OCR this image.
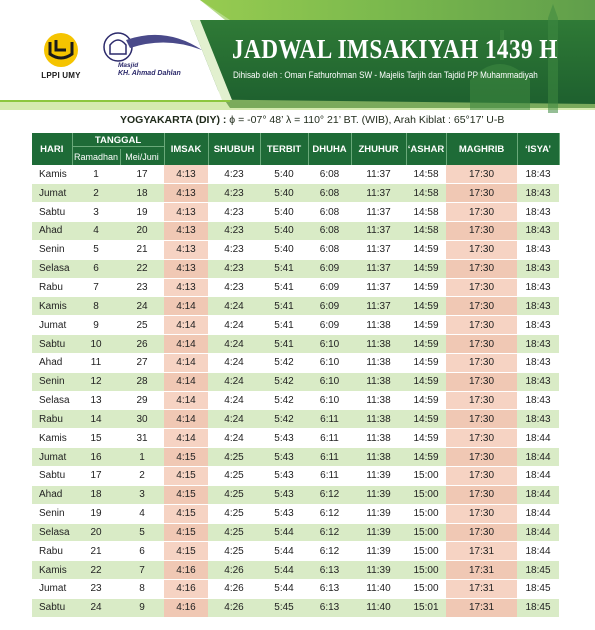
LPPI UMY
Masjid
KH. Ahmad Dahlan
JADWAL IMSAKIYAH 1439 H
Dihisab oleh : Oman Fathurohman SW - Majelis Tarjih dan Tajdid PP Muhammadiyah
YOGYAKARTA (DIY) : ϕ = -07° 48’ λ = 110° 21’ BT. (WIB), Arah Kiblat : 65°17’ U-B
HARI	TANGGAL		IMSAK	SHUBUH	TERBIT	DHUHA	ZHUHUR	‘ASHAR	MAGHRIB	‘ISYA’
	Ramadhan	Mei/Juni								
Kamis	1	17	4:13	4:23	5:40	6:08	11:37	14:58	17:30	18:43
Jumat	2	18	4:13	4:23	5:40	6:08	11:37	14:58	17:30	18:43
Sabtu	3	19	4:13	4:23	5:40	6:08	11:37	14:58	17:30	18:43
Ahad	4	20	4:13	4:23	5:40	6:08	11:37	14:58	17:30	18:43
Senin	5	21	4:13	4:23	5:40	6:08	11:37	14:59	17:30	18:43
Selasa	6	22	4:13	4:23	5:41	6:09	11:37	14:59	17:30	18:43
Rabu	7	23	4:13	4:23	5:41	6:09	11:37	14:59	17:30	18:43
Kamis	8	24	4:14	4:24	5:41	6:09	11:37	14:59	17:30	18:43
Jumat	9	25	4:14	4:24	5:41	6:09	11:38	14:59	17:30	18:43
Sabtu	10	26	4:14	4:24	5:41	6:10	11:38	14:59	17:30	18:43
Ahad	11	27	4:14	4:24	5:42	6:10	11:38	14:59	17:30	18:43
Senin	12	28	4:14	4:24	5:42	6:10	11:38	14:59	17:30	18:43
Selasa	13	29	4:14	4:24	5:42	6:10	11:38	14:59	17:30	18:43
Rabu	14	30	4:14	4:24	5:42	6:11	11:38	14:59	17:30	18:43
Kamis	15	31	4:14	4:24	5:43	6:11	11:38	14:59	17:30	18:44
Jumat	16	1	4:15	4:25	5:43	6:11	11:38	14:59	17:30	18:44
Sabtu	17	2	4:15	4:25	5:43	6:11	11:39	15:00	17:30	18:44
Ahad	18	3	4:15	4:25	5:43	6:12	11:39	15:00	17:30	18:44
Senin	19	4	4:15	4:25	5:43	6:12	11:39	15:00	17:30	18:44
Selasa	20	5	4:15	4:25	5:44	6:12	11:39	15:00	17:30	18:44
Rabu	21	6	4:15	4:25	5:44	6:12	11:39	15:00	17:31	18:44
Kamis	22	7	4:16	4:26	5:44	6:13	11:39	15:00	17:31	18:45
Jumat	23	8	4:16	4:26	5:44	6:13	11:40	15:00	17:31	18:45
Sabtu	24	9	4:16	4:26	5:45	6:13	11:40	15:01	17:31	18:45
